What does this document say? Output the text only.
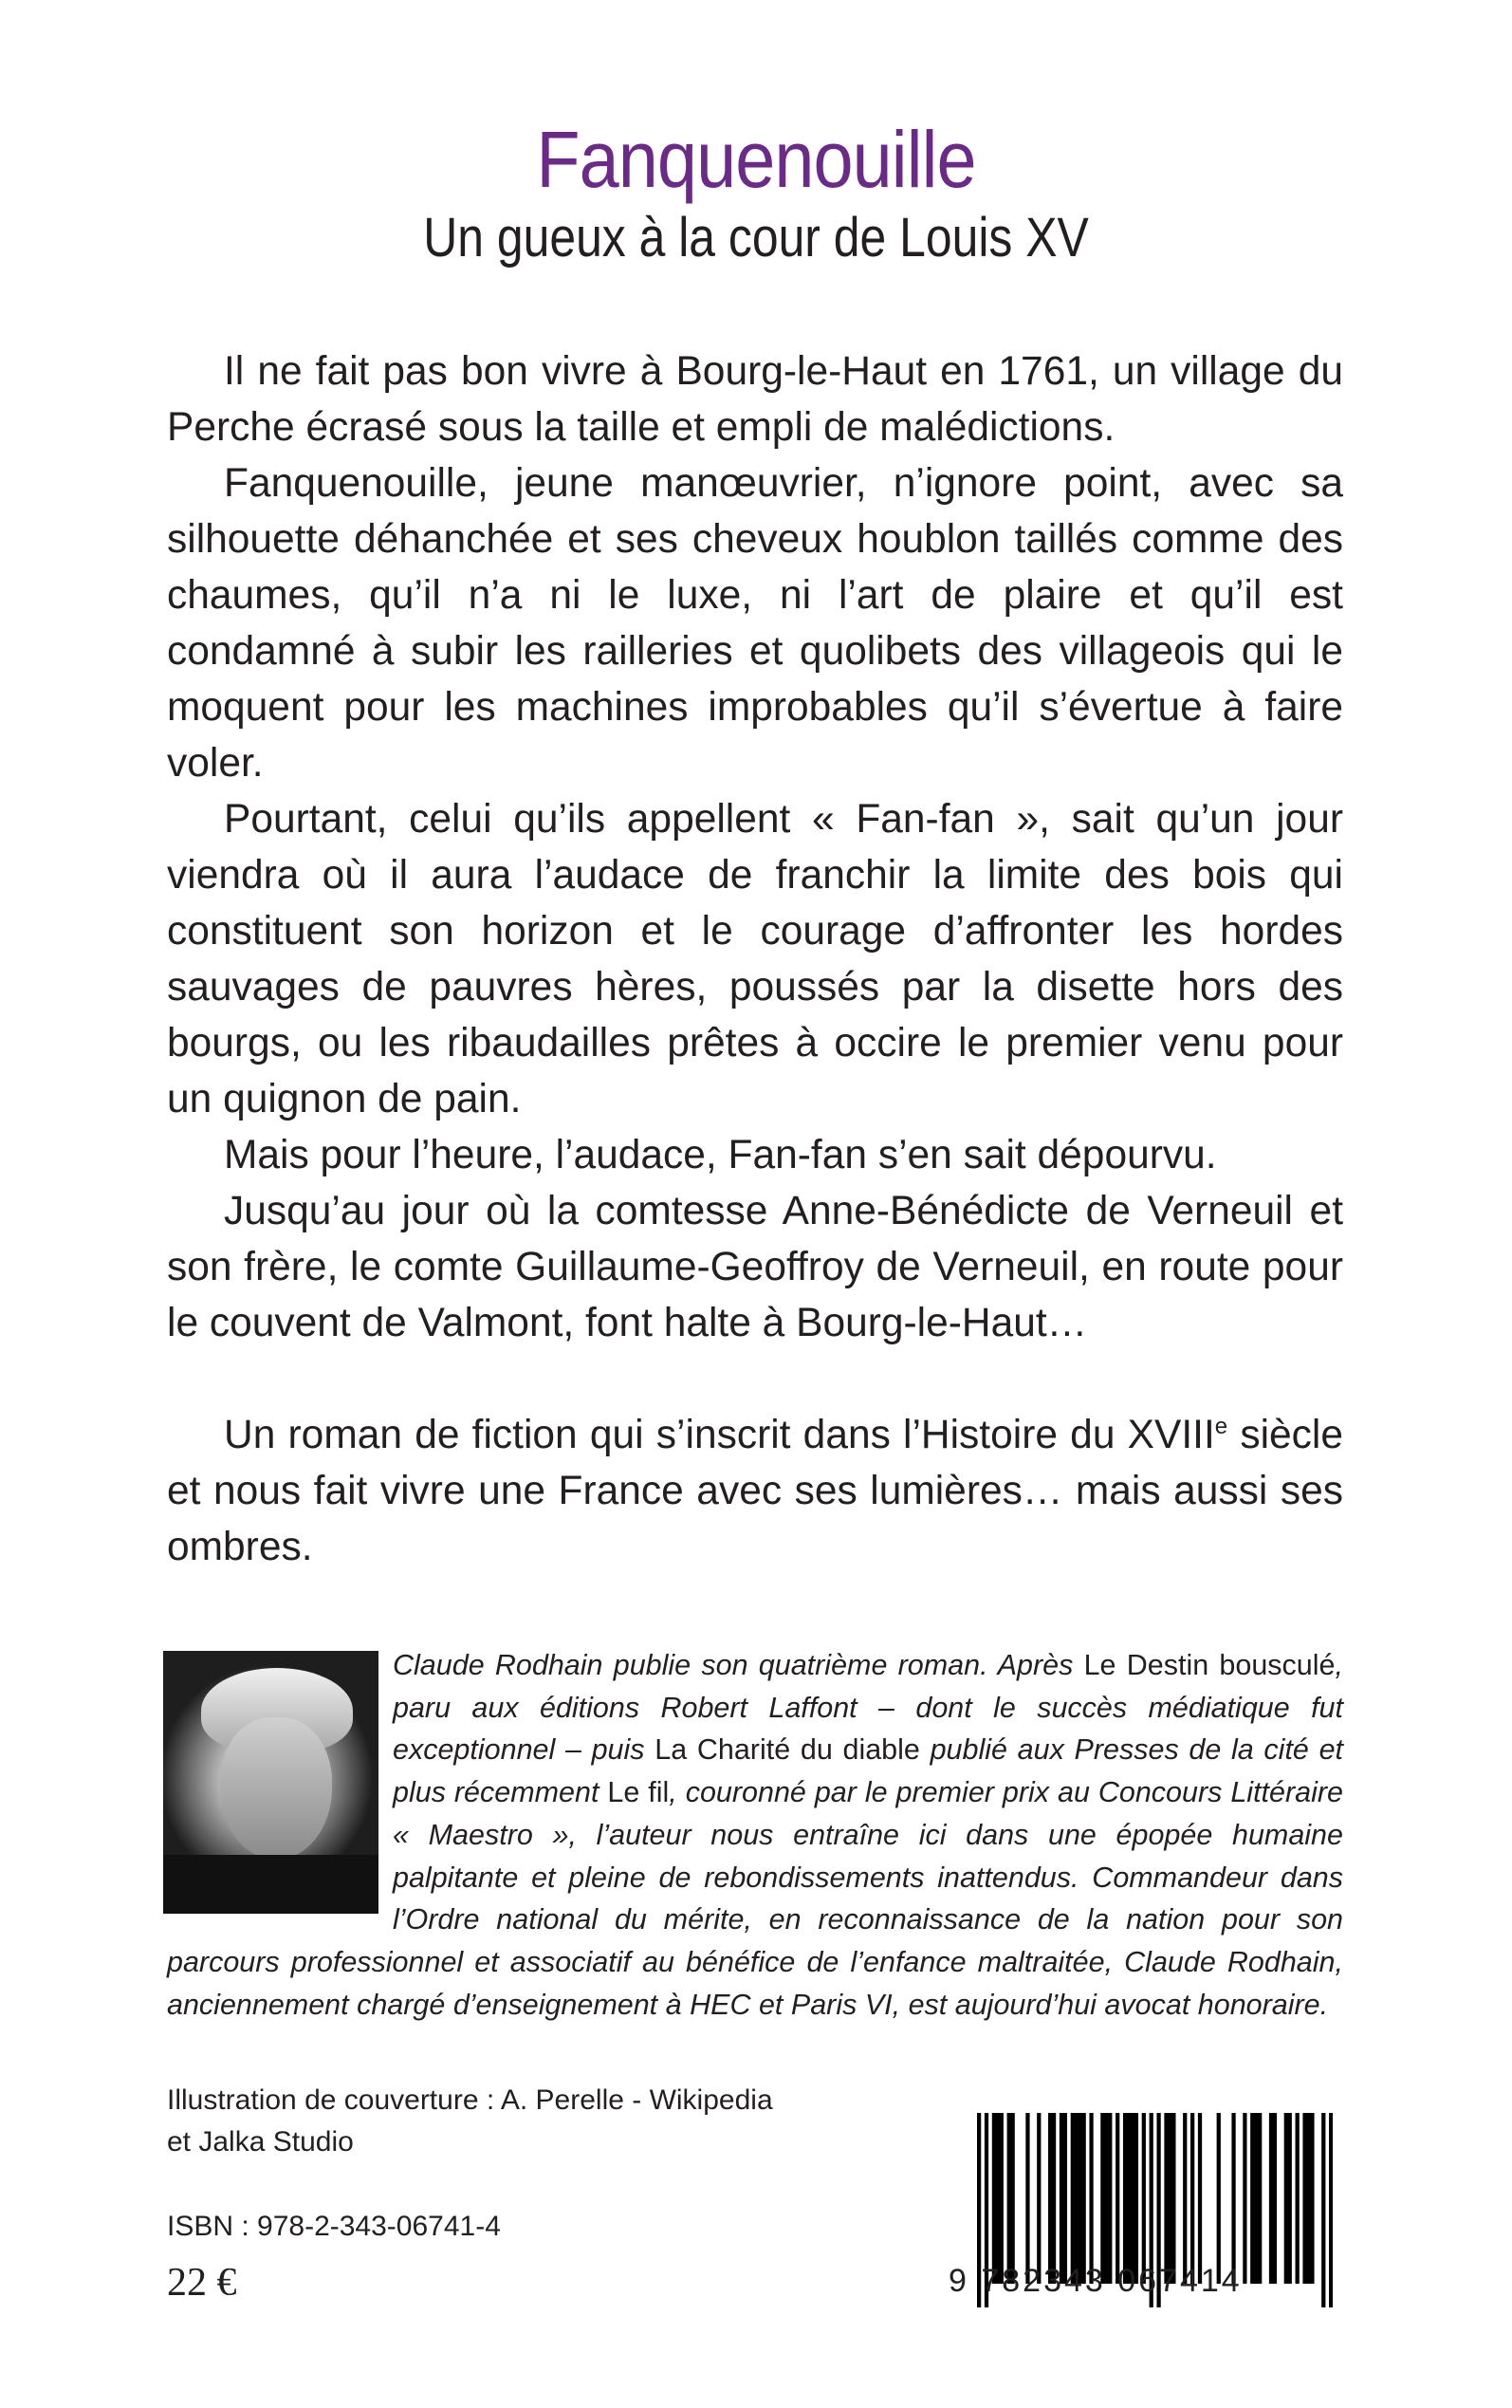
Fanquenouille
Un gueux à la cour de Louis XV

Il ne fait pas bon vivre à Bourg-le-Haut en 1761, un village du Perche écrasé sous la taille et empli de malédictions.

Fanquenouille, jeune manœuvrier, n’ignore point, avec sa silhouette déhanchée et ses cheveux houblon taillés comme des chaumes, qu’il n’a ni le luxe, ni l’art de plaire et qu’il est condamné à subir les railleries et quolibets des villageois qui le moquent pour les machines improbables qu’il s’évertue à faire voler.

Pourtant, celui qu’ils appellent « Fan-fan », sait qu’un jour viendra où il aura l’audace de franchir la limite des bois qui constituent son horizon et le courage d’affronter les hordes sauvages de pauvres hères, poussés par la disette hors des bourgs, ou les ribaudailles prêtes à occire le premier venu pour un quignon de pain.

Mais pour l’heure, l’audace, Fan-fan s’en sait dépourvu.

Jusqu’au jour où la comtesse Anne-Bénédicte de Verneuil et son frère, le comte Guillaume-Geoffroy de Verneuil, en route pour le couvent de Valmont, font halte à Bourg-le-Haut…

Un roman de fiction qui s’inscrit dans l’Histoire du XVIIIe siècle et nous fait vivre une France avec ses lumières… mais aussi ses ombres.

Claude Rodhain publie son quatrième roman. Après Le Destin bousculé, paru aux éditions Robert Laffont – dont le succès médiatique fut exceptionnel – puis La Charité du diable publié aux Presses de la cité et plus récemment Le fil, couronné par le premier prix au Concours Littéraire « Maestro », l’auteur nous entraîne ici dans une épopée humaine palpitante et pleine de rebondissements inattendus. Commandeur dans l’Ordre national du mérite, en reconnaissance de la nation pour son parcours professionnel et associatif au bénéfice de l’enfance maltraitée, Claude Rodhain, anciennement chargé d’enseignement à HEC et Paris VI, est aujourd’hui avocat honoraire.
Illustration de couverture : A. Perelle - Wikipedia
et Jalka Studio
ISBN : 978-2-343-06741-4
22 €	9 782343 067414
